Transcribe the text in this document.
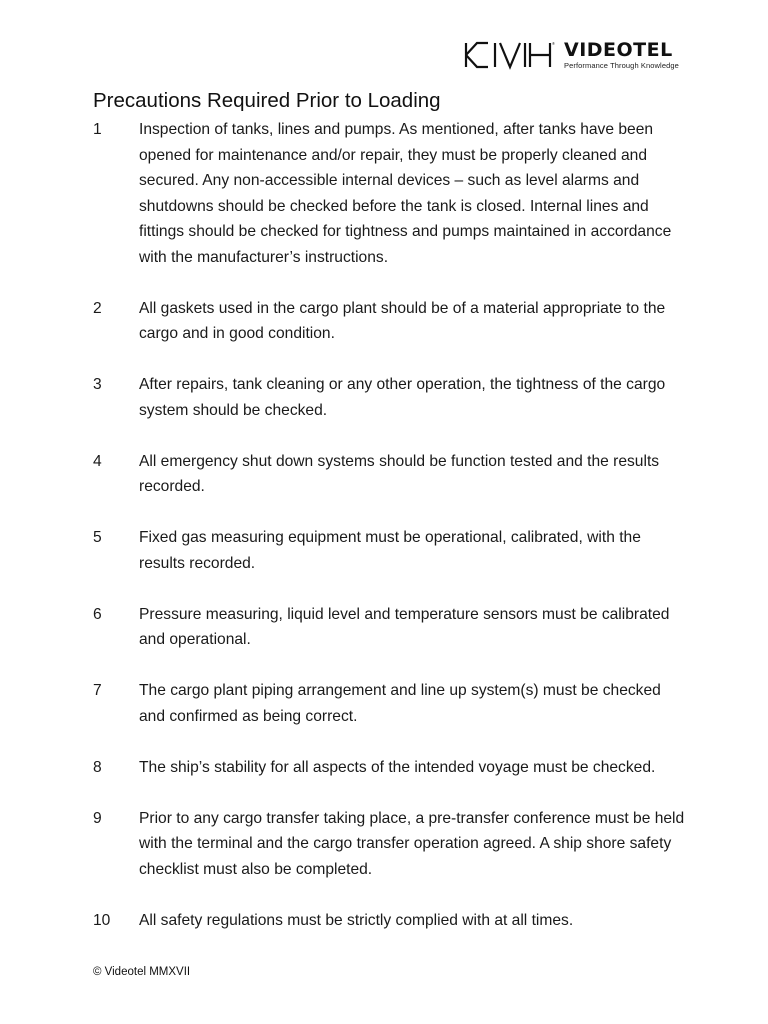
® VIDEOTEL
Performance Through Knowledge
Precautions Required Prior to Loading
1	Inspection of tanks, lines and pumps. As mentioned, after tanks have been opened for maintenance and/or repair, they must be properly cleaned and secured. Any non-accessible internal devices – such as level alarms and shutdowns should be checked before the tank is closed. Internal lines and fittings should be checked for tightness and pumps maintained in accordance with the manufacturer’s instructions.
2	All gaskets used in the cargo plant should be of a material appropriate to the cargo and in good condition.
3	After repairs, tank cleaning or any other operation, the tightness of the cargo system should be checked.
4	All emergency shut down systems should be function tested and the results recorded.
5	Fixed gas measuring equipment must be operational, calibrated, with the results recorded.
6	Pressure measuring, liquid level and temperature sensors must be calibrated and operational.
7	The cargo plant piping arrangement and line up system(s) must be checked and confirmed as being correct.
8	The ship’s stability for all aspects of the intended voyage must be checked.
9	Prior to any cargo transfer taking place, a pre-transfer conference must be held with the terminal and the cargo transfer operation agreed. A ship shore safety checklist must also be completed.
10	All safety regulations must be strictly complied with at all times.
© Videotel MMXVII
